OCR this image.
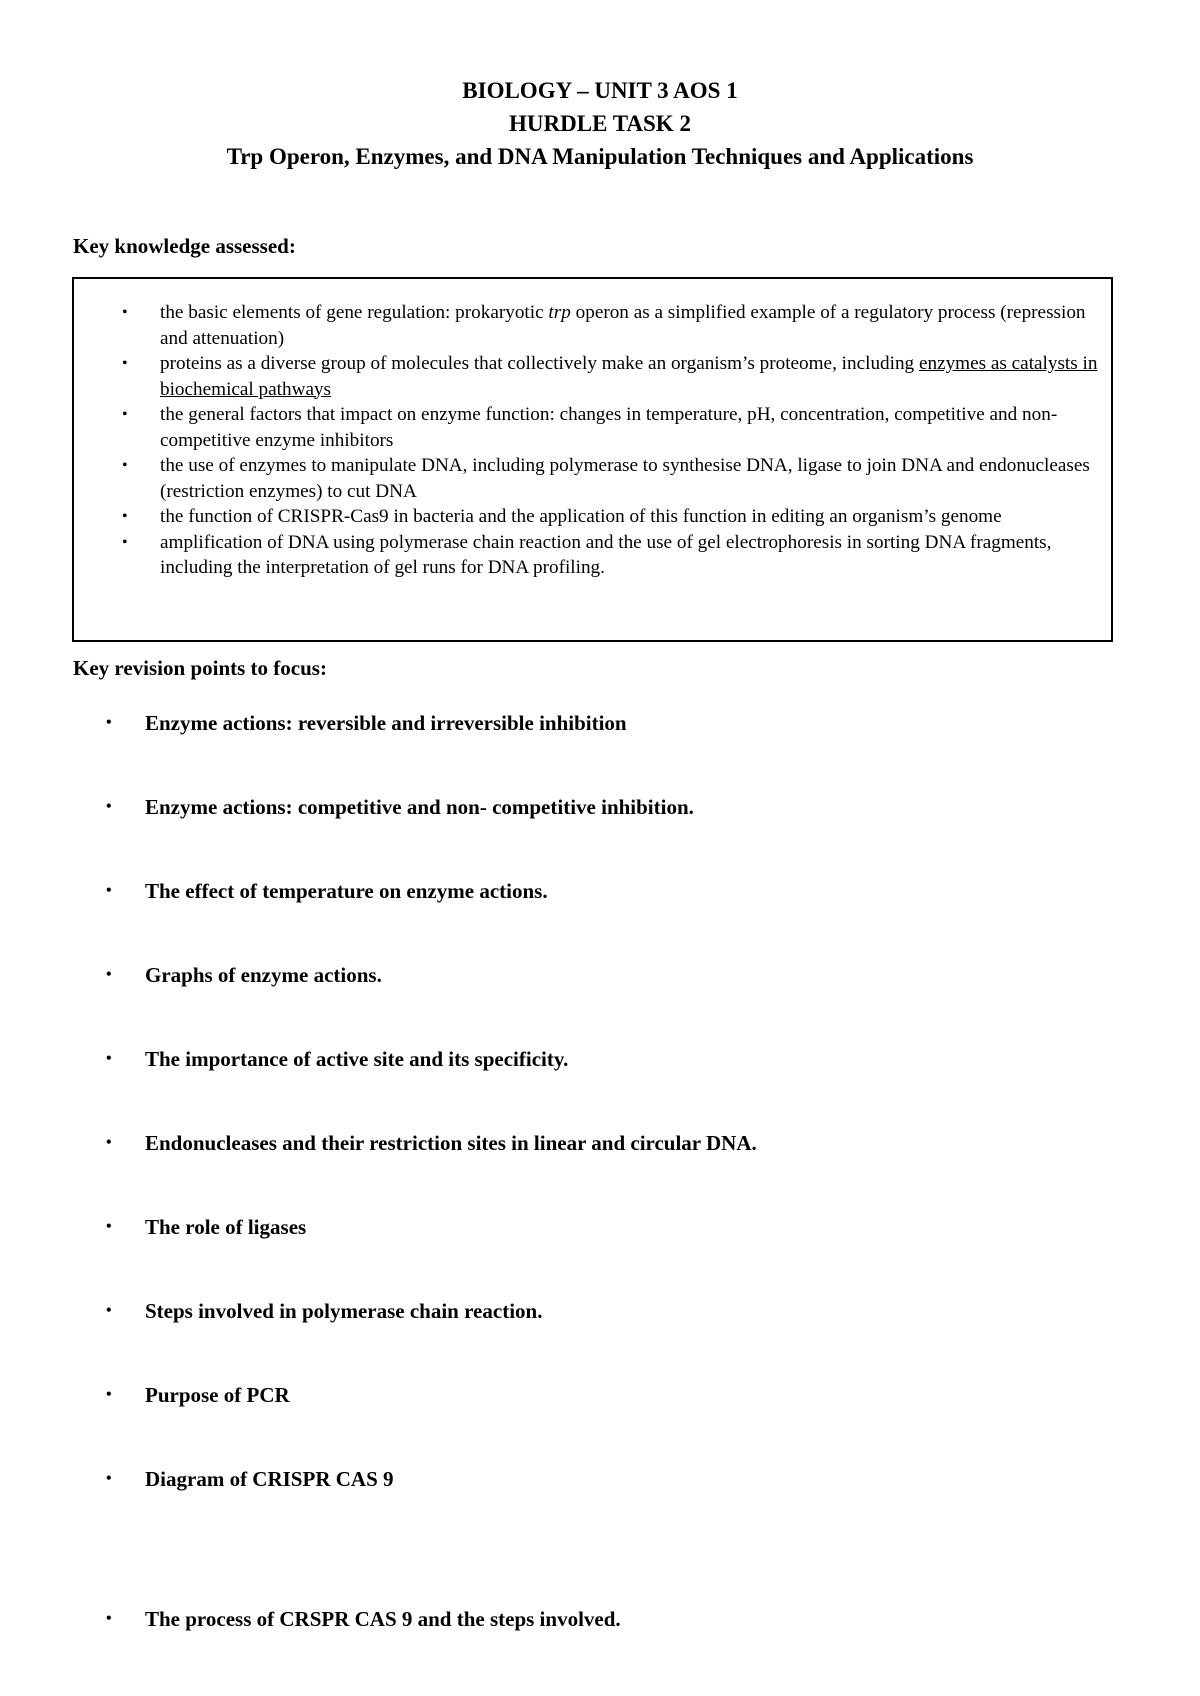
BIOLOGY – UNIT 3 AOS 1
HURDLE TASK 2
Trp Operon, Enzymes, and DNA Manipulation Techniques and Applications
Key knowledge assessed:
• the basic elements of gene regulation: prokaryotic trp operon as a simplified example of a regulatory process (repression and attenuation)
• proteins as a diverse group of molecules that collectively make an organism’s proteome, including enzymes as catalysts in biochemical pathways
• the general factors that impact on enzyme function: changes in temperature, pH, concentration, competitive and non-competitive enzyme inhibitors
• the use of enzymes to manipulate DNA, including polymerase to synthesise DNA, ligase to join DNA and endonucleases (restriction enzymes) to cut DNA
• the function of CRISPR-Cas9 in bacteria and the application of this function in editing an organism’s genome
• amplification of DNA using polymerase chain reaction and the use of gel electrophoresis in sorting DNA fragments, including the interpretation of gel runs for DNA profiling.
Key revision points to focus:
• Enzyme actions: reversible and irreversible inhibition
• Enzyme actions: competitive and non- competitive inhibition.
• The effect of temperature on enzyme actions.
• Graphs of enzyme actions.
• The importance of active site and its specificity.
• Endonucleases and their restriction sites in linear and circular DNA.
• The role of ligases
• Steps involved in polymerase chain reaction.
• Purpose of PCR
• Diagram of CRISPR CAS 9
• The process of CRSPR CAS 9 and the steps involved.
